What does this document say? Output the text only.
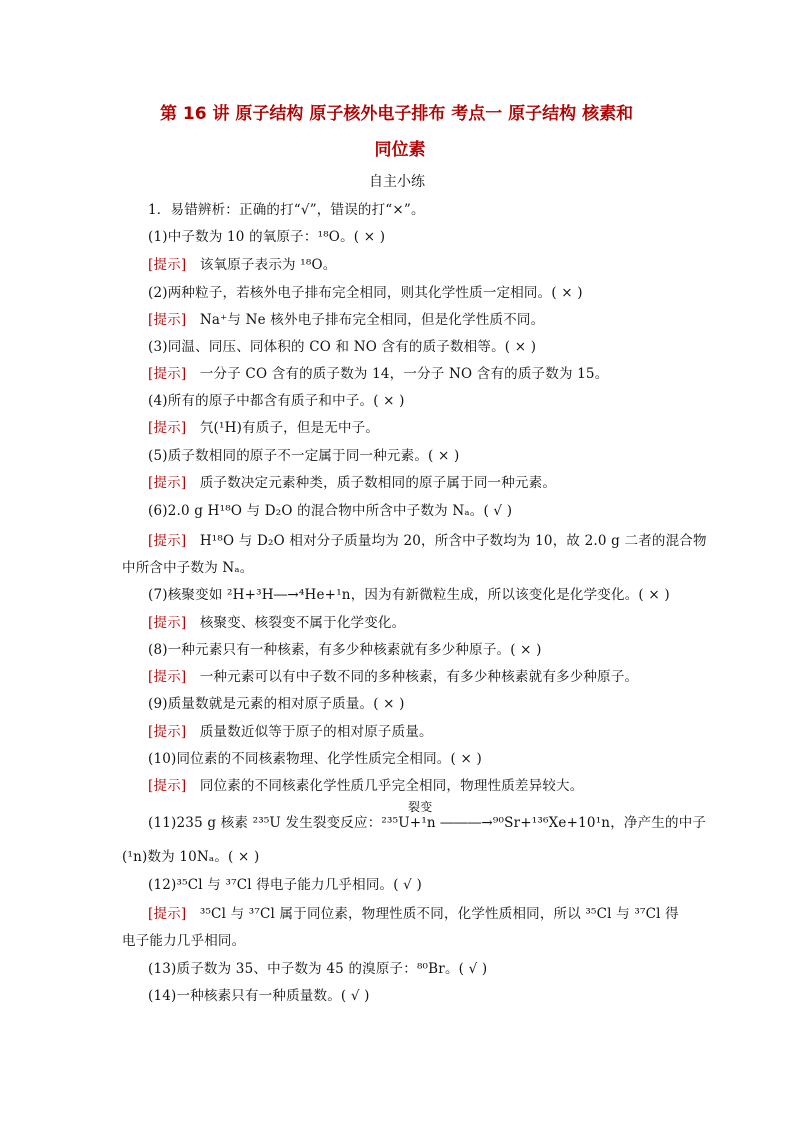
第 16 讲 原子结构 原子核外电子排布 考点一 原子结构 核素和
同位素
自主小练
1．易错辨析：正确的打“√”，错误的打“×”。
(1)中子数为 10 的氧原子：¹⁸O。( × )
[提示] 该氧原子表示为 ¹⁸O。
(2)两种粒子，若核外电子排布完全相同，则其化学性质一定相同。( × )
[提示] Na⁺与 Ne 核外电子排布完全相同，但是化学性质不同。
(3)同温、同压、同体积的 CO 和 NO 含有的质子数相等。( × )
[提示] 一分子 CO 含有的质子数为 14，一分子 NO 含有的质子数为 15。
(4)所有的原子中都含有质子和中子。( × )
[提示] 氕(¹H)有质子，但是无中子。
(5)质子数相同的原子不一定属于同一种元素。( × )
[提示] 质子数决定元素种类，质子数相同的原子属于同一种元素。
(6)2.0 g H¹⁸O 与 D₂O 的混合物中所含中子数为 Nₐ。( √ )
[提示] H¹⁸O 与 D₂O 相对分子质量均为 20，所含中子数均为 10，故 2.0 g 二者的混合物
中所含中子数为 Nₐ。
(7)核聚变如 ²H+³H―→⁴He+¹n，因为有新微粒生成，所以该变化是化学变化。( × )
[提示] 核聚变、核裂变不属于化学变化。
(8)一种元素只有一种核素，有多少种核素就有多少种原子。( × )
[提示] 一种元素可以有中子数不同的多种核素，有多少种核素就有多少种原子。
(9)质量数就是元素的相对原子质量。( × )
[提示] 质量数近似等于原子的相对原子质量。
(10)同位素的不同核素物理、化学性质完全相同。( × )
[提示] 同位素的不同核素化学性质几乎完全相同，物理性质差异较大。
(11)235 g 核素 ²³⁵U 发生裂变反应：²³⁵U+¹n ―――→⁹⁰Sr+¹³⁶Xe+10¹n，净产生的中子
裂变
(¹n)数为 10Nₐ。( × )
(12)³⁵Cl 与 ³⁷Cl 得电子能力几乎相同。( √ )
[提示] ³⁵Cl 与 ³⁷Cl 属于同位素，物理性质不同，化学性质相同，所以 ³⁵Cl 与 ³⁷Cl 得
电子能力几乎相同。
(13)质子数为 35、中子数为 45 的溴原子：⁸⁰Br。( √ )
(14)一种核素只有一种质量数。( √ )
